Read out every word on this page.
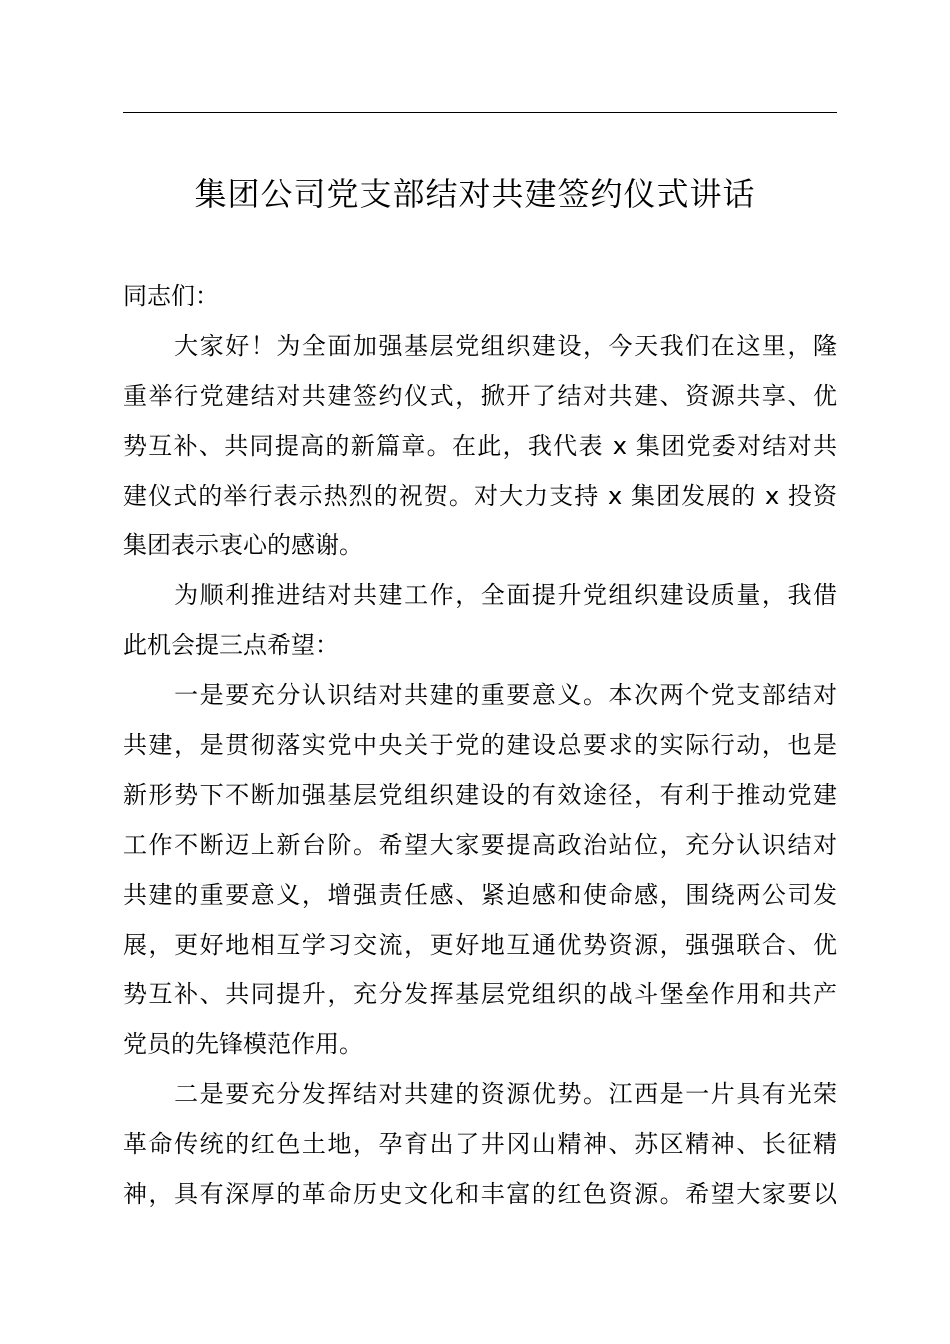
集团公司党支部结对共建签约仪式讲话
同志们：
　　大家好！为全面加强基层党组织建设，今天我们在这里，隆
重举行党建结对共建签约仪式，掀开了结对共建、资源共享、优
势互补、共同提高的新篇章。在此，我代表 x 集团党委对结对共
建仪式的举行表示热烈的祝贺。对大力支持 x 集团发展的 x 投资
集团表示衷心的感谢。
　　为顺利推进结对共建工作，全面提升党组织建设质量，我借
此机会提三点希望：
　　一是要充分认识结对共建的重要意义。本次两个党支部结对
共建，是贯彻落实党中央关于党的建设总要求的实际行动，也是
新形势下不断加强基层党组织建设的有效途径，有利于推动党建
工作不断迈上新台阶。希望大家要提高政治站位，充分认识结对
共建的重要意义，增强责任感、紧迫感和使命感，围绕两公司发
展，更好地相互学习交流，更好地互通优势资源，强强联合、优
势互补、共同提升，充分发挥基层党组织的战斗堡垒作用和共产
党员的先锋模范作用。
　　二是要充分发挥结对共建的资源优势。江西是一片具有光荣
革命传统的红色土地，孕育出了井冈山精神、苏区精神、长征精
神，具有深厚的革命历史文化和丰富的红色资源。希望大家要以
